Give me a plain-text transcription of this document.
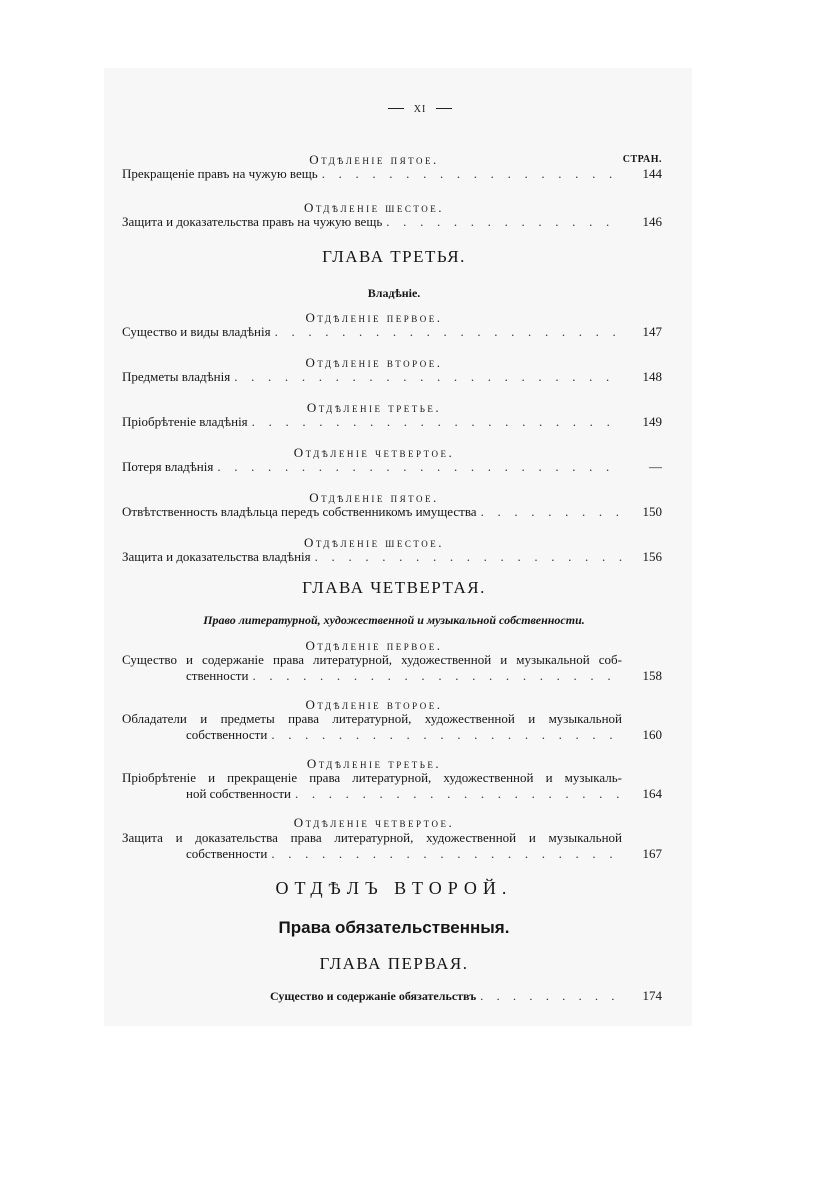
xi
Отдѣленіе пятое.	СТРАН.
Прекращеніе правъ на чужую вещь . . .	144
Отдѣленіе шестое.
Защита и доказательства правъ на чужую вещь . . .	146
ГЛАВА ТРЕТЬЯ.
Владѣніе.
Отдѣленіе первое.
Существо и виды владѣнія . . .	147
Отдѣленіе второе.
Предметы владѣнія . . .	148
Отдѣленіе третье.
Пріобрѣтеніе владѣнія . . .	149
Отдѣленіе четвертое.
Потеря владѣнія . . .	—
Отдѣленіе пятое.
Отвѣтственность владѣльца передъ собственникомъ имущества . . .	150
Отдѣленіе шестое.
Защита и доказательства владѣнія . . .	156
ГЛАВА ЧЕТВЕРТАЯ.
Право литературной, художественной и музыкальной собственности.
Отдѣленіе первое.
Существо и содержаніе права литературной, художественной и музыкальной соб-
ственности . . .	158
Отдѣленіе второе.
Обладатели и предметы права литературной, художественной и музыкальной
собственности . . .	160
Отдѣленіе третье.
Пріобрѣтеніе и прекращеніе права литературной, художественной и музыкаль-
ной собственности . . .	164
Отдѣленіе четвертое.
Защита и доказательства права литературной, художественной и музыкальной
собственности . . .	167
ОТДѢЛЪ ВТОРОЙ.
Права обязательственныя.
ГЛАВА ПЕРВАЯ.
Существо и содержаніе обязательствъ . . .	174
